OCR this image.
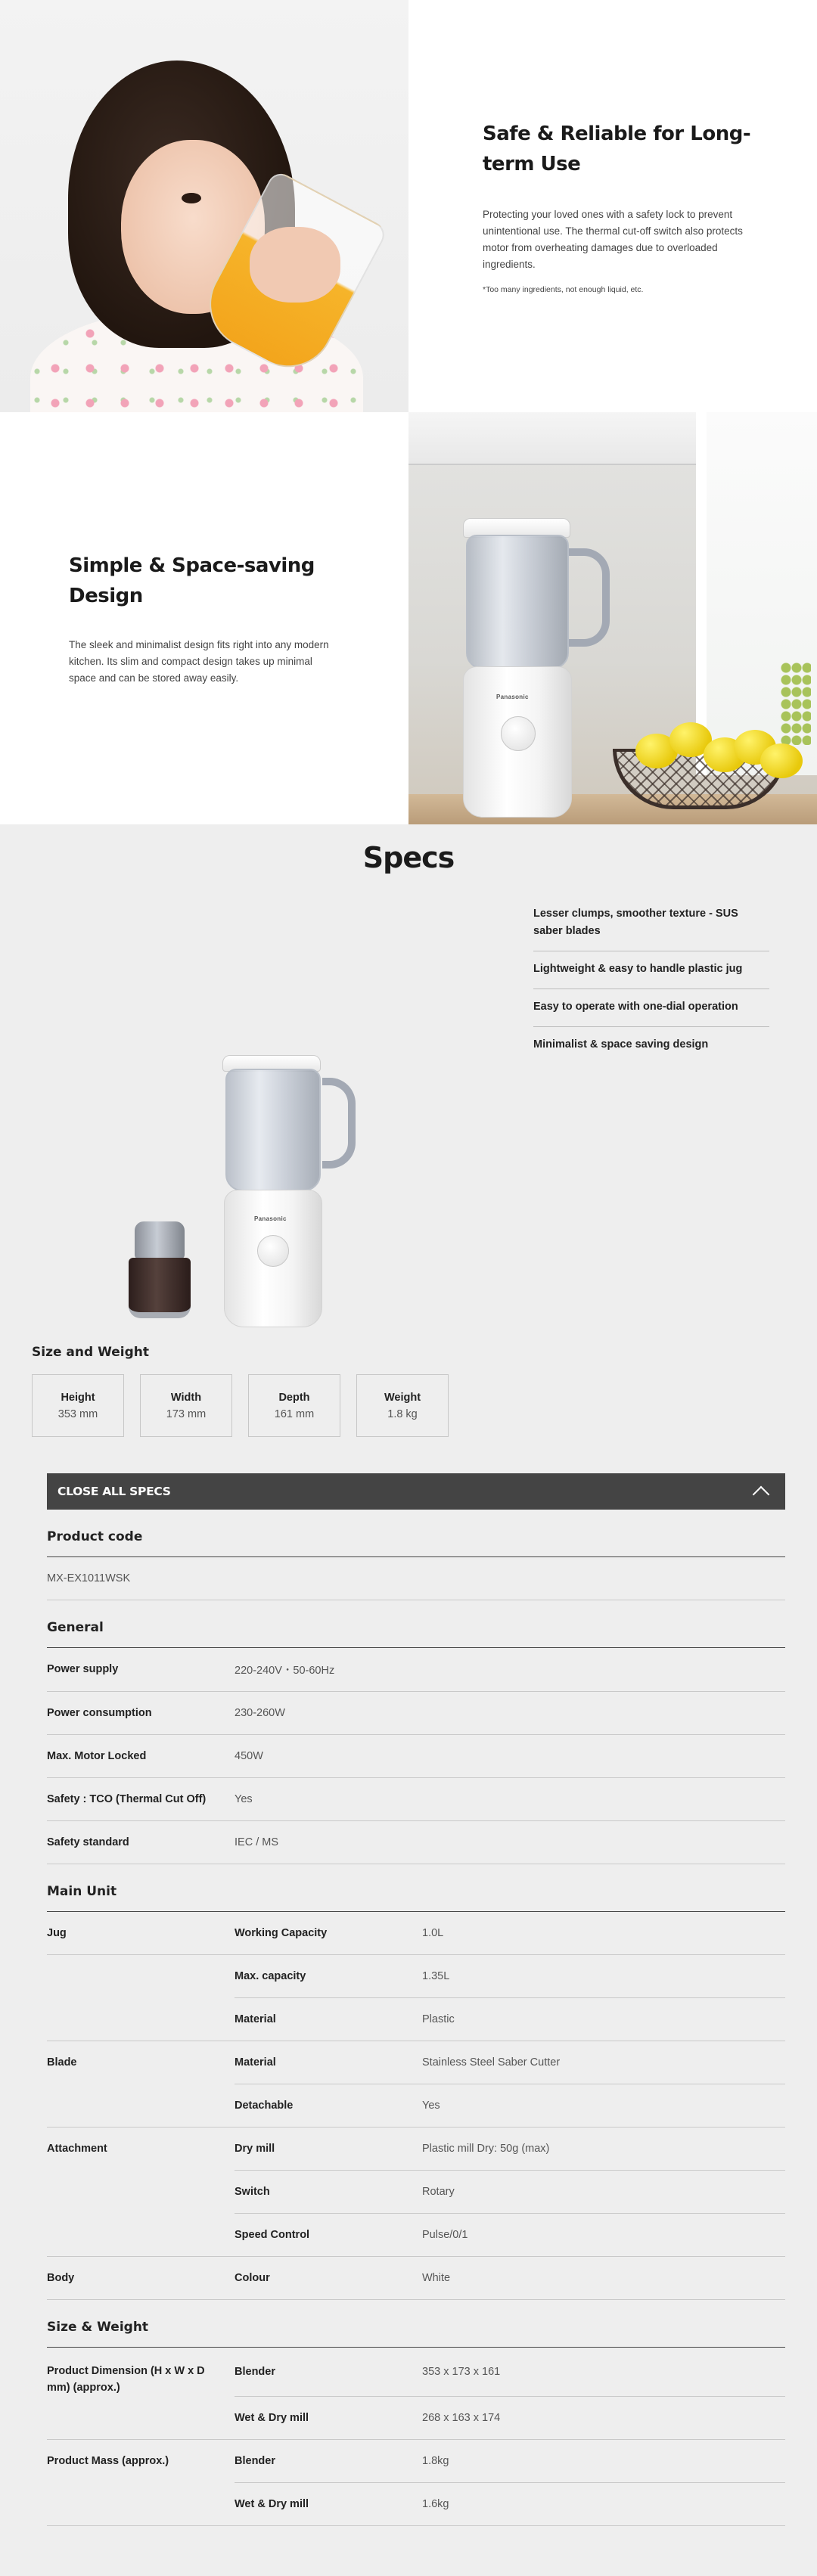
Safe & Reliable for Long-term Use
Protecting your loved ones with a safety lock to prevent unintentional use. The thermal cut-off switch also protects motor from overheating damages due to overloaded ingredients.
*Too many ingredients, not enough liquid, etc.
Simple & Space-saving Design
The sleek and minimalist design fits right into any modern kitchen. Its slim and compact design takes up minimal space and can be stored away easily.
Panasonic
Specs
Panasonic
Lesser clumps, smoother texture - SUS saber blades
Lightweight & easy to handle plastic jug
Easy to operate with one-dial operation
Minimalist & space saving design
Size and Weight
Height
353 mm
Width
173 mm
Depth
161 mm
Weight
1.8 kg
CLOSE ALL SPECS
Product code
MX-EX1011WSK
General
Power supply	220-240V・50-60Hz
Power consumption	230-260W
Max. Motor Locked	450W
Safety : TCO (Thermal Cut Off)	Yes
Safety standard	IEC / MS
Main Unit
Jug	Working Capacity	1.0L
	Max. capacity	1.35L
	Material	Plastic
Blade	Material	Stainless Steel Saber Cutter
	Detachable	Yes
Attachment	Dry mill	Plastic mill Dry: 50g (max)
	Switch	Rotary
	Speed Control	Pulse/0/1
Body	Colour	White
Size & Weight
Product Dimension (H x W x D mm) (approx.)	Blender	353 x 173 x 161
	Wet & Dry mill	268 x 163 x 174
Product Mass (approx.)	Blender	1.8kg
	Wet & Dry mill	1.6kg
